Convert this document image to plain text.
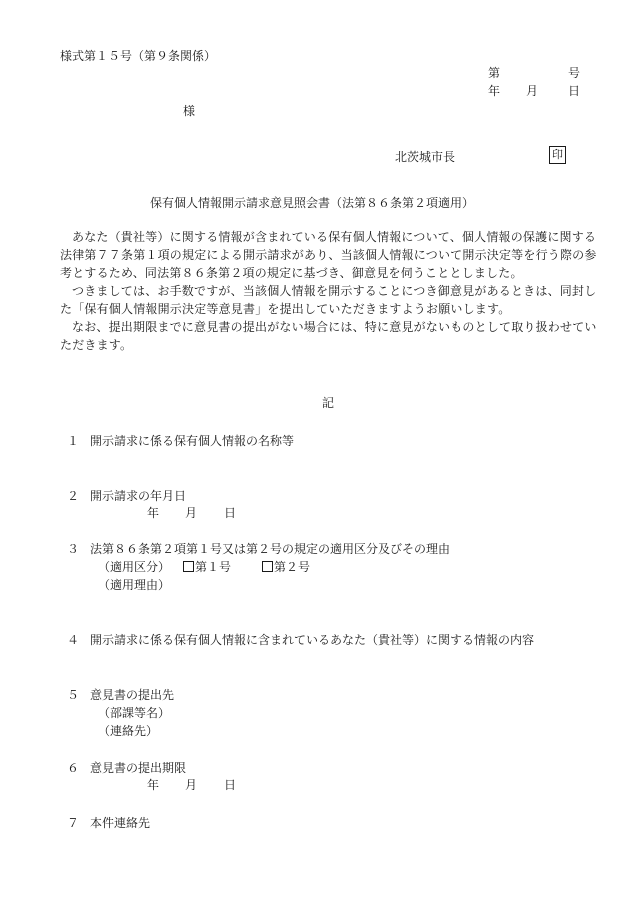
様式第１５号（第９条関係）
第	号
年 月 日
様
北茨城市長	印
保有個人情報開示請求意見照会書（法第８６条第２項適用）

あなた（貴社等）に関する情報が含まれている保有個人情報について、個人情報の保護に関する法律第７７条第１項の規定による開示請求があり、当該個人情報について開示決定等を行う際の参考とするため、同法第８６条第２項の規定に基づき、御意見を伺うこととしました。

つきましては、お手数ですが、当該個人情報を開示することにつき御意見があるときは、同封した「保有個人情報開示決定等意見書」を提出していただきますようお願いします。

なお、提出期限までに意見書の提出がない場合には、特に意見がないものとして取り扱わせていただきます。

記
１ 開示請求に係る保有個人情報の名称等
２ 開示請求の年月日
年 月 日
３ 法第８６条第２項第１号又は第２号の規定の適用区分及びその理由
（適用区分）	第１号	第２号
（適用理由）
４ 開示請求に係る保有個人情報に含まれているあなた（貴社等）に関する情報の内容
５ 意見書の提出先
（部課等名）
（連絡先）
６ 意見書の提出期限
年 月 日
７ 本件連絡先
